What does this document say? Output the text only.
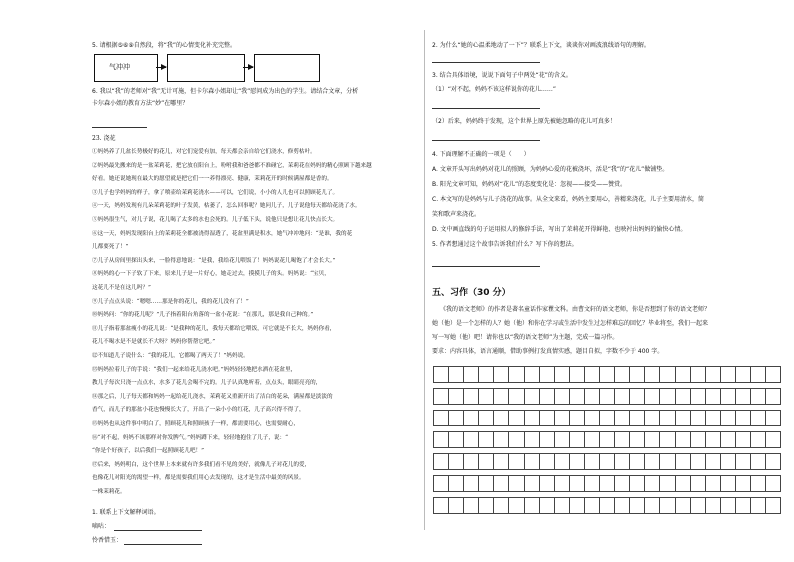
5. 请根据⑤⑥⑨自然段，将“我”的心情变化补充完整。
气冲冲
6. 我以“我”的老师对“我”无计可施，但卡尔森小姐却让“我”慰问成为出色的学生。请结合文章，分析
卡尔森小姐的教育方法“妙”在哪里？
23. 浇花
①妈妈养了几盆长势极好的花儿，对它们宠爱有加，每天都会亲自给它们浇水，修剪枯叶。
②妈妈最先搬来的是一盆茉莉花，把它放在阳台上，吩咐我和爸爸都不准碰它，茉莉花在妈妈的精心照顾下越来越
好看。她还说她现在最大的愿望就是把它们一一养得漂亮、健康，茉莉花开的时候满屋都是香的。
③儿子也学妈妈的样子，拿了喷壶给茉莉花浇水——可以，它们说，小小的人儿也可以照顾花儿了。
④一天，妈妈发现有几朵茉莉花的叶子发黄，枯萎了，怎么回事呢？她问儿子，儿子说他每天都给花浇了水。
⑤妈妈很生气，对儿子说，花儿喝了太多的水也会死的。儿子低下头，说他只是想让花儿快点长大。
⑥这一天，妈妈发现阳台上的茉莉花全都被浇得湿透了，花盆里满是积水，她气冲冲地问：“是谁，我的花
儿都要死了！”
⑦儿子从房间里探出头来，一脸得意地说：“是我，我给花儿喂饭了！妈妈说花儿喝饱了才会长大。”
⑧妈妈的心一下子软了下来，原来儿子是一片好心，她走过去，摸摸儿子的头。妈妈说：“宝贝，
这花儿不是在这儿吗？”
⑨儿子点点头说：“嗯嗯……那是你的花儿，我的花儿没有了！”
⑩妈妈问：“你的花儿呢？”儿子指着阳台角落的一盆小花说：“在那儿，那是我自己种的。”
⑪儿子指着那盆瘦小的花儿说：“是我种的花儿，我每天都给它喂饭，可它就是不长大，妈妈你看，
花儿不喝水是不是就长不大呀？妈妈你帮帮它吧。”
⑫不知道儿子说什么：“我的花儿，它都喝了两天了！”妈妈说。
⑬妈妈拉着儿子的手说：“我们一起来给花儿浇水吧。”妈妈轻轻地把水洒在花盆里，
教儿子每次只浇一点点水，水多了花儿会喝不完的。儿子认真地听着，点点头，眼睛亮亮的，
⑭那之后，儿子每天都和妈妈一起给花儿浇水，茉莉花又重新开出了洁白的花朵，满屋都是淡淡的
香气，而儿子的那盆小花也慢慢长大了，开出了一朵小小的红花，儿子高兴得不得了，
⑮妈妈也从这件事中明白了，照顾花儿和照顾孩子一样，都需要用心，也需要耐心，
⑯“对不起，妈妈不该那样对你发脾气。”妈妈蹲下来，轻轻地抱住了儿子，说：“
“你是个好孩子，以后我们一起照顾花儿吧！”
⑰后来，妈妈明白，这个世界上本来就有许多我们看不见的美好，就像儿子对花儿的爱，
也像花儿对阳光的渴望一样，都是需要我们用心去发现的，这才是生活中最美的风景。
一株茉莉花。
1. 联系上下文解释词语。
嘀咕：
怜香惜玉：
2. 为什么“她的心温柔地动了一下”？联系上下文，谈谈你对画波浪线语句的理解。
3. 结合具体语境，说说下面句子中两处“花”的含义。
（1）“对不起，妈妈不该这样说你的花儿……”
（2）后来，妈妈终于发现，这个世界上原先被她忽略的花儿可真多！
4. 下面理解不正确的一项是（　　）
A. 文章开头写出妈妈对花儿的照顾，为妈妈心爱的花被浇坏，活是“我”的“花儿”做铺垫。
B. 阳光文章可知，妈妈对“花儿”的态度变化是：忽视——接受——赞赏。
C. 本文写的是妈妈与儿子浇花的故事。从全文来看，妈妈主要用心，善精来浇花，儿子主要用清水，简
笑和歌声来浇花。
D. 文中画直线的句子运用拟人的修辞手法，写出了茉莉花开得鲜艳、也映衬出妈妈的愉快心情。
5. 作者想通过这个故事告诉我们什么？写下你的想法。
五、习作（30 分）
《我的语文老师》的作者是著名童话作家瞿文科。由曹文轩的语文老师，你是否想到了你的语文老师？
她（他）是一个怎样的人？她（他）和你在学习或生活中发生过怎样难忘的回忆？毕业将至，我们一起来
写一写她（他）吧！请你也以“我的语文老师”为主题，完成一篇习作。
要求：内容具体，语言通顺，借助事例打发真情实感，题目自拟，字数不少于 400 字。
